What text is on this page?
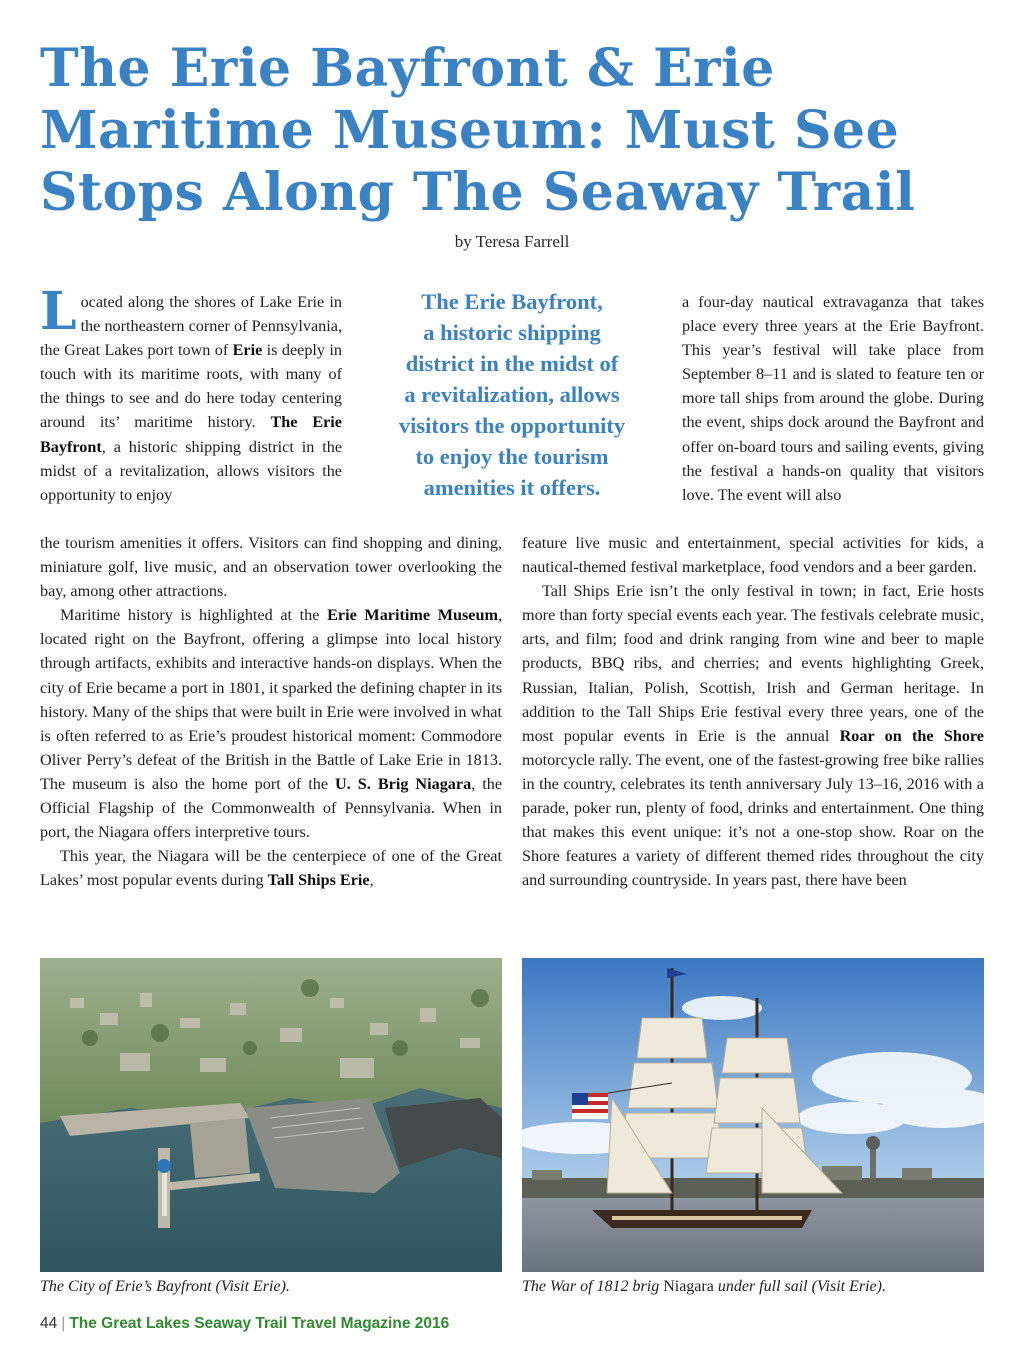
The Erie Bayfront & Erie
Maritime Museum: Must See
Stops Along The Seaway Trail
by Teresa Farrell

Located along the shores of Lake Erie in the northeastern corner of Pennsylvania, the Great Lakes port town of Erie is deeply in touch with its maritime roots, with many of the things to see and do here today centering around its’ maritime history. The Erie Bayfront, a historic shipping district in the midst of a revitalization, allows visitors the opportunity to enjoy

The Erie Bayfront,
a historic shipping
district in the midst of
a revitalization, allows
visitors the opportunity
to enjoy the tourism
amenities it offers.

a four-day nautical extravaganza that takes place every three years at the Erie Bayfront. This year’s festival will take place from September 8–11 and is slated to feature ten or more tall ships from around the globe. During the event, ships dock around the Bayfront and offer on-board tours and sailing events, giving the festival a hands-on quality that visitors love. The event will also

the tourism amenities it offers. Visitors can find shopping and dining, miniature golf, live music, and an observation tower overlooking the bay, among other attractions.

Maritime history is highlighted at the Erie Maritime Museum, located right on the Bayfront, offering a glimpse into local history through artifacts, exhibits and interactive hands-on displays. When the city of Erie became a port in 1801, it sparked the defining chapter in its history. Many of the ships that were built in Erie were involved in what is often referred to as Erie’s proudest historical moment: Commodore Oliver Perry’s defeat of the British in the Battle of Lake Erie in 1813. The museum is also the home port of the U. S. Brig Niagara, the Official Flagship of the Commonwealth of Pennsylvania. When in port, the Niagara offers interpretive tours.

This year, the Niagara will be the centerpiece of one of the Great Lakes’ most popular events during Tall Ships Erie,

feature live music and entertainment, special activities for kids, a nautical-themed festival marketplace, food vendors and a beer garden.

Tall Ships Erie isn’t the only festival in town; in fact, Erie hosts more than forty special events each year. The festivals celebrate music, arts, and film; food and drink ranging from wine and beer to maple products, BBQ ribs, and cherries; and events highlighting Greek, Russian, Italian, Polish, Scottish, Irish and German heritage. In addition to the Tall Ships Erie festival every three years, one of the most popular events in Erie is the annual Roar on the Shore motorcycle rally. The event, one of the fastest-growing free bike rallies in the country, celebrates its tenth anniversary July 13–16, 2016 with a parade, poker run, plenty of food, drinks and entertainment. One thing that makes this event unique: it’s not a one-stop show. Roar on the Shore features a variety of different themed rides throughout the city and surrounding countryside. In years past, there have been

The City of Erie’s Bayfront (Visit Erie).	The War of 1812 brig Niagara under full sail (Visit Erie).
44 | The Great Lakes Seaway Trail Travel Magazine 2016
